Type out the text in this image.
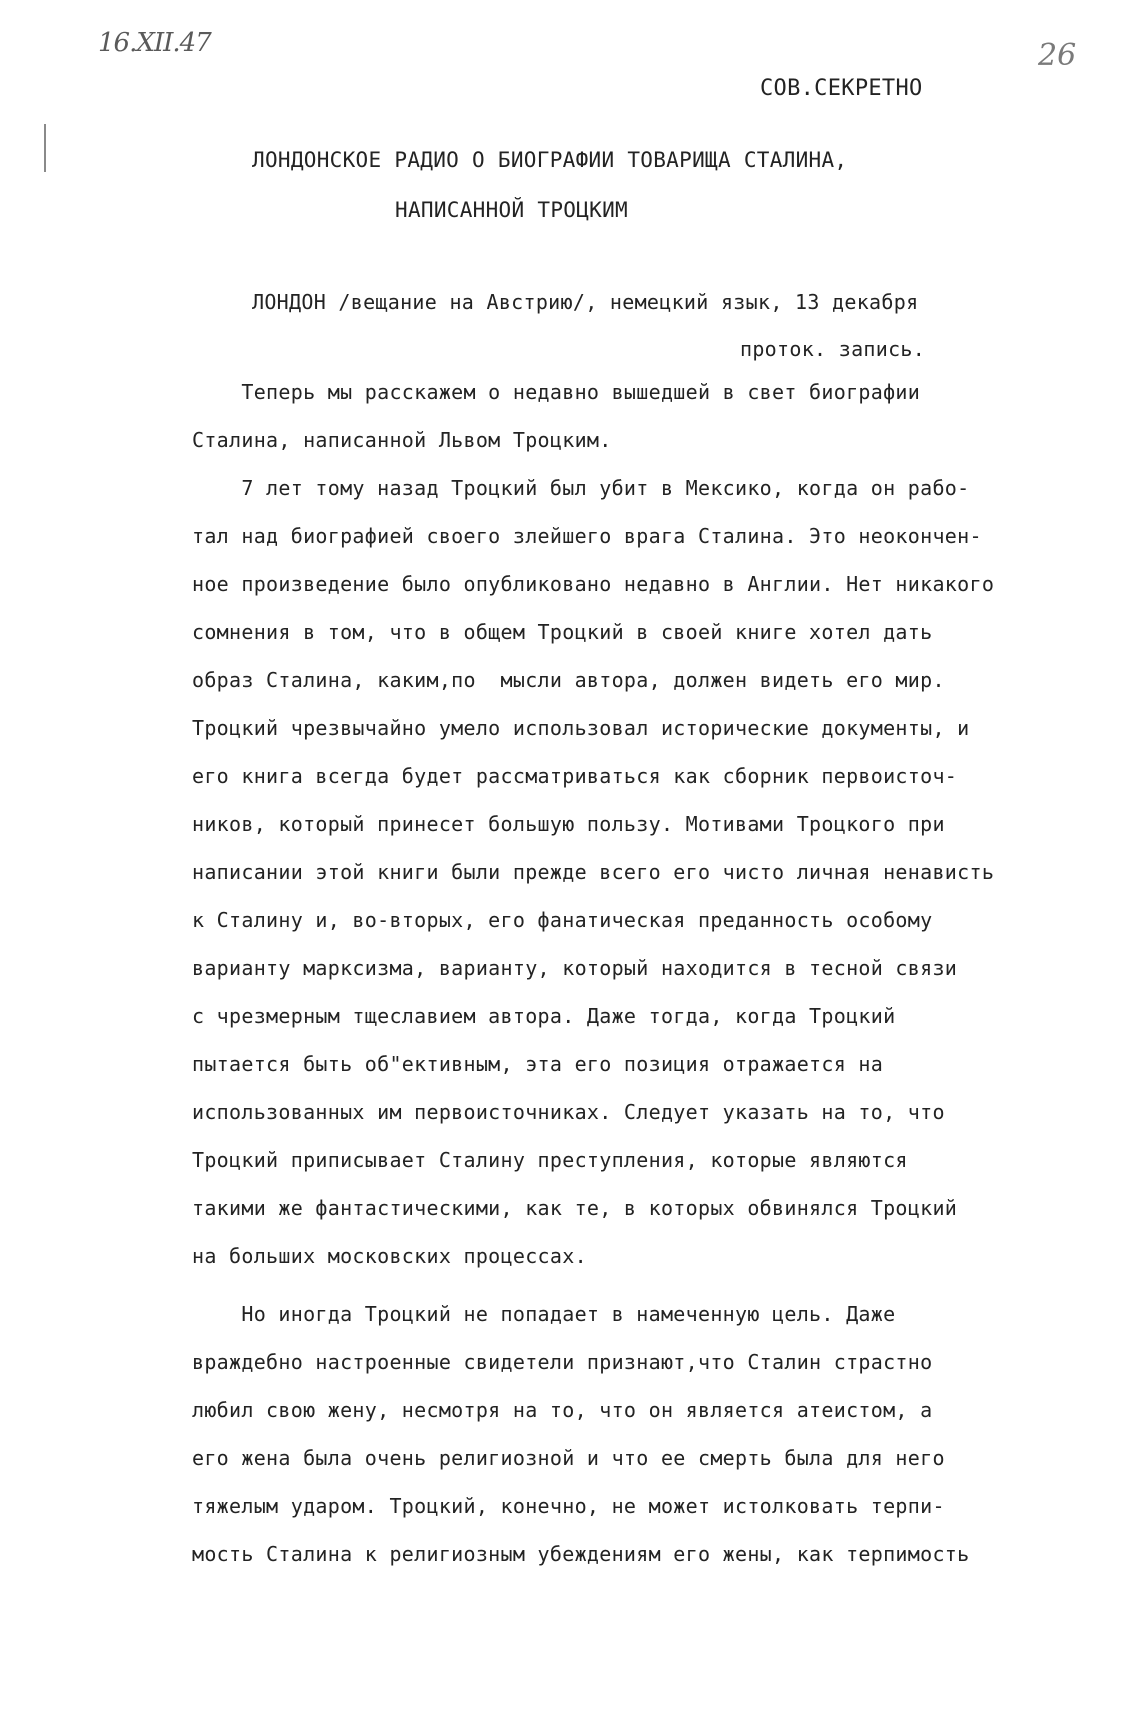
16.XII.47	26
СОВ.СЕКРЕТНО
ЛОНДОНСКОЕ РАДИО О БИОГРАФИИ ТОВАРИЩА СТАЛИНА,
НАПИСАННОЙ ТРОЦКИМ
ЛОНДОН /вещание на Австрию/, немецкий язык, 13 декабря
проток. запись.
Теперь мы расскажем о недавно вышедшей в свет биографии
Сталина, написанной Львом Троцким.
7 лет тому назад Троцкий был убит в Мексико, когда он рабо-
тал над биографией своего злейшего врага Сталина. Это неокончен-
ное произведение было опубликовано недавно в Англии. Нет никакого
сомнения в том, что в общем Троцкий в своей книге хотел дать
образ Сталина, каким,по  мысли автора, должен видеть его мир.
Троцкий чрезвычайно умело использовал исторические документы, и
его книга всегда будет рассматриваться как сборник первоисточ-
ников, который принесет большую пользу. Мотивами Троцкого при
написании этой книги были прежде всего его чисто личная ненависть
к Сталину и, во-вторых, его фанатическая преданность особому
варианту марксизма, варианту, который находится в тесной связи
с чрезмерным тщеславием автора. Даже тогда, когда Троцкий
пытается быть об"ективным, эта его позиция отражается на
использованных им первоисточниках. Следует указать на то, что
Троцкий приписывает Сталину преступления, которые являются
такими же фантастическими, как те, в которых обвинялся Троцкий
на больших московских процессах.
Но иногда Троцкий не попадает в намеченную цель. Даже
враждебно настроенные свидетели признают,что Сталин страстно
любил свою жену, несмотря на то, что он является атеистом, а
его жена была очень религиозной и что ее смерть была для него
тяжелым ударом. Троцкий, конечно, не может истолковать терпи-
мость Сталина к религиозным убеждениям его жены, как терпимость
